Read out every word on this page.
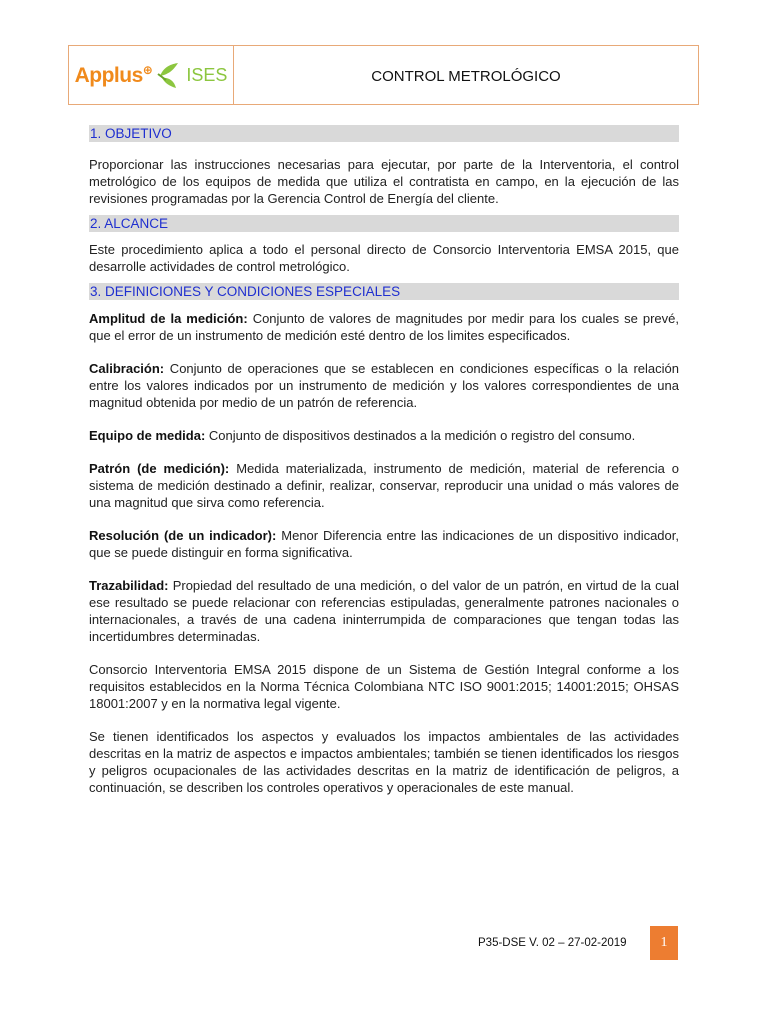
Applus⊕ ISES	CONTROL METROLÓGICO
1. OBJETIVO

Proporcionar las instrucciones necesarias para ejecutar, por parte de la Interventoria, el control metrológico de los equipos de medida que utiliza el contratista en campo, en la ejecución de las revisiones programadas por la Gerencia Control de Energía del cliente.

2. ALCANCE

Este procedimiento aplica a todo el personal directo de Consorcio Interventoria EMSA 2015, que desarrolle actividades de control metrológico.

3. DEFINICIONES Y CONDICIONES ESPECIALES

Amplitud de la medición: Conjunto de valores de magnitudes por medir para los cuales se prevé, que el error de un instrumento de medición esté dentro de los limites especificados.

Calibración: Conjunto de operaciones que se establecen en condiciones específicas o la relación entre los valores indicados por un instrumento de medición y los valores correspondientes de una magnitud obtenida por medio de un patrón de referencia.

Equipo de medida: Conjunto de dispositivos destinados a la medición o registro del consumo.

Patrón (de medición): Medida materializada, instrumento de medición, material de referencia o sistema de medición destinado a definir, realizar, conservar, reproducir una unidad o más valores de una magnitud que sirva como referencia.

Resolución (de un indicador): Menor Diferencia entre las indicaciones de un dispositivo indicador, que se puede distinguir en forma significativa.

Trazabilidad: Propiedad del resultado de una medición, o del valor de un patrón, en virtud de la cual ese resultado se puede relacionar con referencias estipuladas, generalmente patrones nacionales o internacionales, a través de una cadena ininterrumpida de comparaciones que tengan todas las incertidumbres determinadas.

Consorcio Interventoria EMSA 2015 dispone de un Sistema de Gestión Integral conforme a los requisitos establecidos en la Norma Técnica Colombiana NTC ISO 9001:2015; 14001:2015; OHSAS 18001:2007 y en la normativa legal vigente.

Se tienen identificados los aspectos y evaluados los impactos ambientales de las actividades descritas en la matriz de aspectos e impactos ambientales; también se tienen identificados los riesgos y peligros ocupacionales de las actividades descritas en la matriz de identificación de peligros, a continuación, se describen los controles operativos y operacionales de este manual.

P35-DSE V. 02 – 27-02-2019	1
